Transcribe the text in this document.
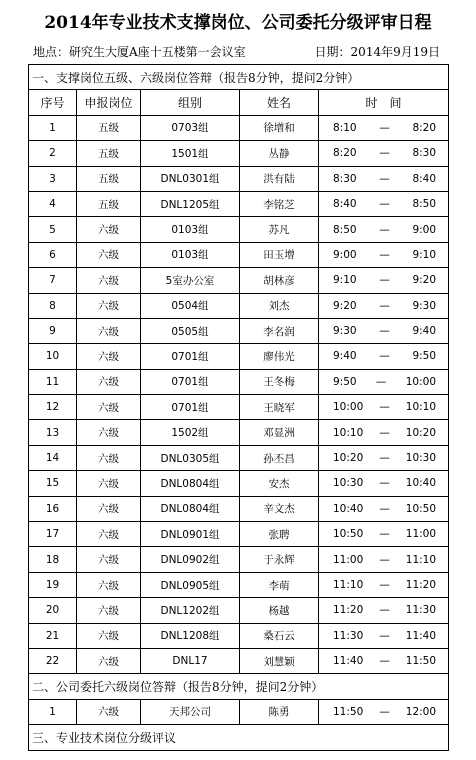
2014年专业技术支撑岗位、公司委托分级评审日程
地点：研究生大厦A座十五楼第一会议室	日期：2014年9月19日
一、支撑岗位五级、六级岗位答辩（报告8分钟，提问2分钟）				
序号	申报岗位	组别	姓名	时　间
1	五级	0703组	徐增和	8:10 — 8:20

2	五级	1501组	丛静	8:20 — 8:30

3	五级	DNL0301组	洪有陆	8:30 — 8:40

4	五级	DNL1205组	李铭芝	8:40 — 8:50

5	六级	0103组	苏凡	8:50 — 9:00

6	六级	0103组	田玉增	9:00 — 9:10

7	六级	5室办公室	胡林彦	9:10 — 9:20

8	六级	0504组	刘杰	9:20 — 9:30

9	六级	0505组	李名润	9:30 — 9:40

10	六级	0701组	廖伟光	9:40 — 9:50

11	六级	0701组	王冬梅	9:50 — 10:00

12	六级	0701组	王晓军	10:00 — 10:10

13	六级	1502组	邓显洲	10:10 — 10:20

14	六级	DNL0305组	孙丕昌	10:20 — 10:30

15	六级	DNL0804组	安杰	10:30 — 10:40

16	六级	DNL0804组	辛文杰	10:40 — 10:50

17	六级	DNL0901组	张聘	10:50 — 11:00

18	六级	DNL0902组	于永辉	11:00 — 11:10

19	六级	DNL0905组	李萌	11:10 — 11:20

20	六级	DNL1202组	杨越	11:20 — 11:30

21	六级	DNL1208组	桑石云	11:30 — 11:40

22	六级	DNL17	刘慧颖	11:40 — 11:50

二、公司委托六级岗位答辩（报告8分钟，提问2分钟）				
1	六级	天邦公司	陈勇	11:50 — 12:00

三、专业技术岗位分级评议				
